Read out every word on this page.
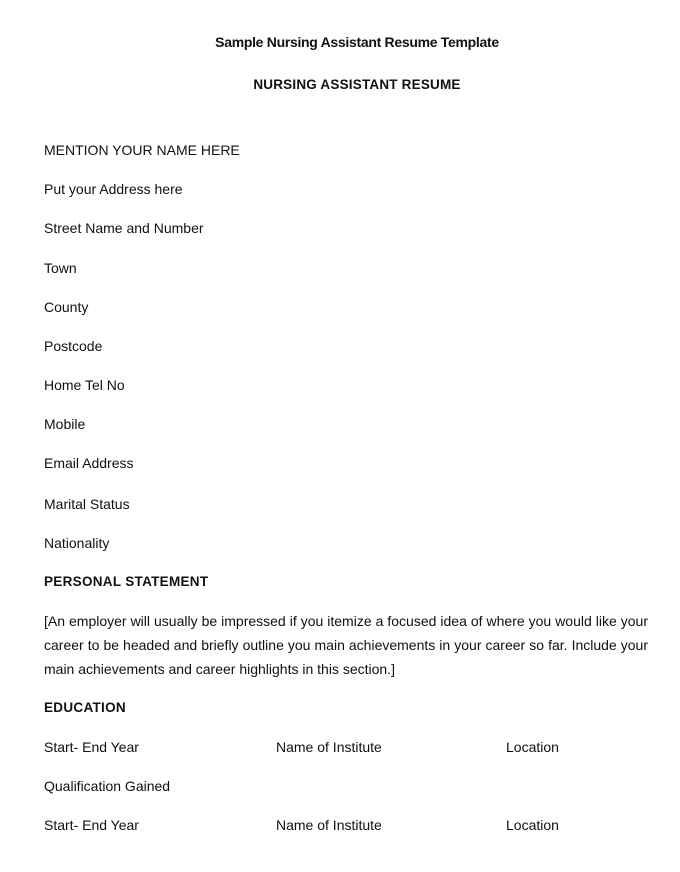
Sample Nursing Assistant Resume Template
NURSING ASSISTANT RESUME
MENTION YOUR NAME HERE
Put your Address here
Street Name and Number
Town
County
Postcode
Home Tel No
Mobile
Email Address
Marital Status
Nationality
PERSONAL STATEMENT
[An employer will usually be impressed if you itemize a focused idea of where you would like your career to be headed and briefly outline you main achievements in your career so far. Include your main achievements and career highlights in this section.]
EDUCATION
Start- End Year	Name of Institute	Location
Qualification Gained
Start- End Year	Name of Institute	Location
